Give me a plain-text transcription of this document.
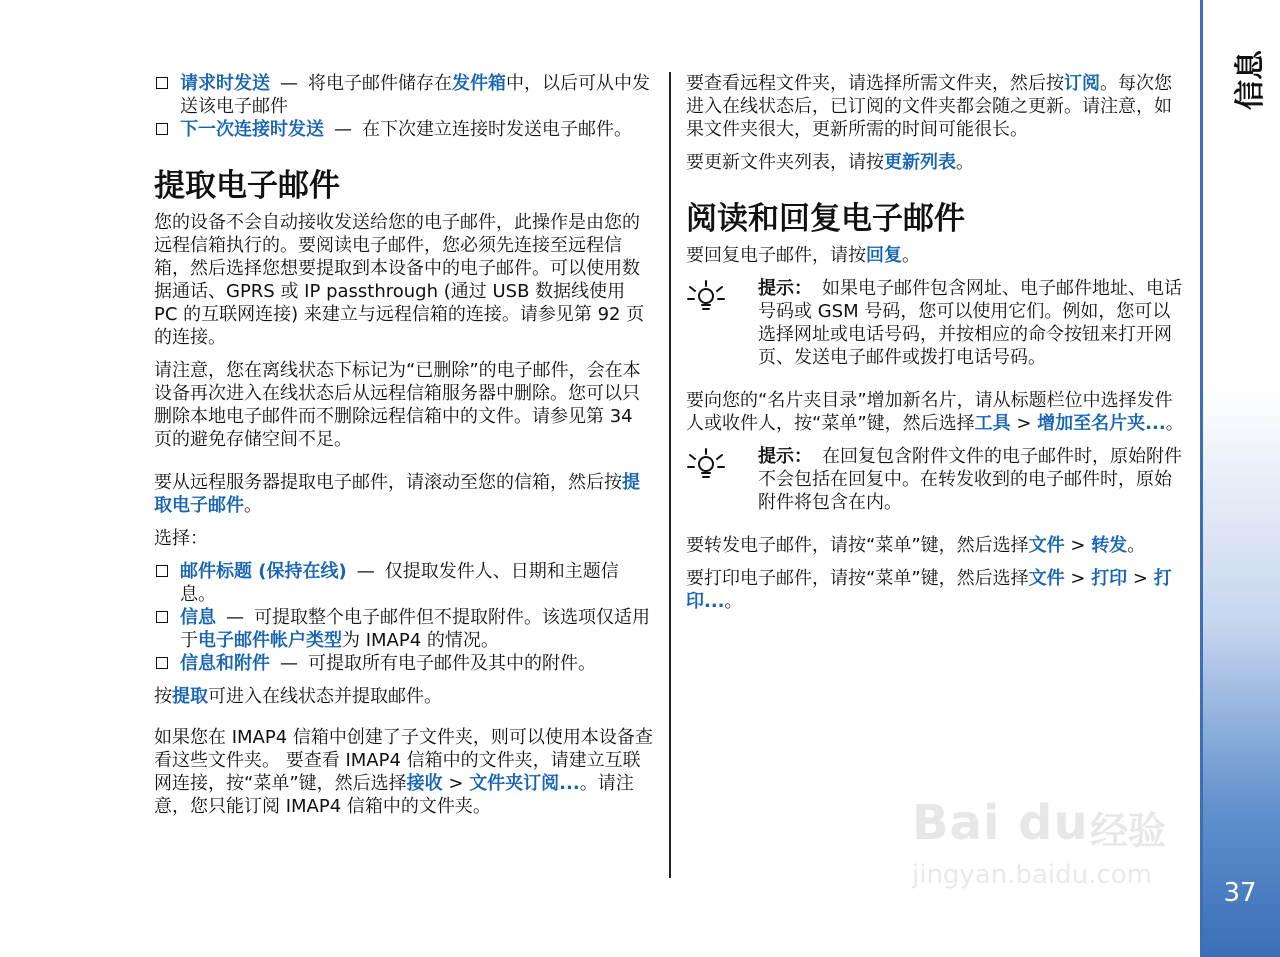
信息
37
请求时发送 — 将电子邮件储存在发件箱中，以后可从中发送该电子邮件
下一次连接时发送 — 在下次建立连接时发送电子邮件。
提取电子邮件

您的设备不会自动接收发送给您的电子邮件，此操作是由您的远程信箱执行的。要阅读电子邮件，您必须先连接至远程信箱，然后选择您想要提取到本设备中的电子邮件。可以使用数据通话、GPRS 或 IP passthrough (通过 USB 数据线使用 PC 的互联网连接) 来建立与远程信箱的连接。请参见第 92 页的连接。

请注意，您在离线状态下标记为“已删除”的电子邮件，会在本设备再次进入在线状态后从远程信箱服务器中删除。您可以只删除本地电子邮件而不删除远程信箱中的文件。请参见第 34 页的避免存储空间不足。

要从远程服务器提取电子邮件，请滚动至您的信箱，然后按提取电子邮件。

选择：

邮件标题 (保持在线) — 仅提取发件人、日期和主题信息。
信息 — 可提取整个电子邮件但不提取附件。该选项仅适用于电子邮件帐户类型为 IMAP4 的情况。
信息和附件 — 可提取所有电子邮件及其中的附件。

按提取可进入在线状态并提取邮件。

如果您在 IMAP4 信箱中创建了子文件夹，则可以使用本设备查看这些文件夹。 要查看 IMAP4 信箱中的文件夹，请建立互联网连接，按“菜单”键，然后选择接收 > 文件夹订阅...。请注意，您只能订阅 IMAP4 信箱中的文件夹。

要查看远程文件夹，请选择所需文件夹，然后按订阅。每次您进入在线状态后，已订阅的文件夹都会随之更新。请注意，如果文件夹很大，更新所需的时间可能很长。

要更新文件夹列表，请按更新列表。

阅读和回复电子邮件

要回复电子邮件，请按回复。

提示： 如果电子邮件包含网址、电子邮件地址、电话号码或 GSM 号码，您可以使用它们。例如，您可以选择网址或电话号码，并按相应的命令按钮来打开网页、发送电子邮件或拨打电话号码。

要向您的“名片夹目录”增加新名片，请从标题栏位中选择发件人或收件人，按“菜单”键，然后选择工具 > 增加至名片夹...。

提示： 在回复包含附件文件的电子邮件时，原始附件不会包括在回复中。在转发收到的电子邮件时，原始附件将包含在内。

要转发电子邮件，请按“菜单”键，然后选择文件 > 转发。

要打印电子邮件，请按“菜单”键，然后选择文件 > 打印 > 打印...。

Bai du 经验
jingyan.baidu.com
